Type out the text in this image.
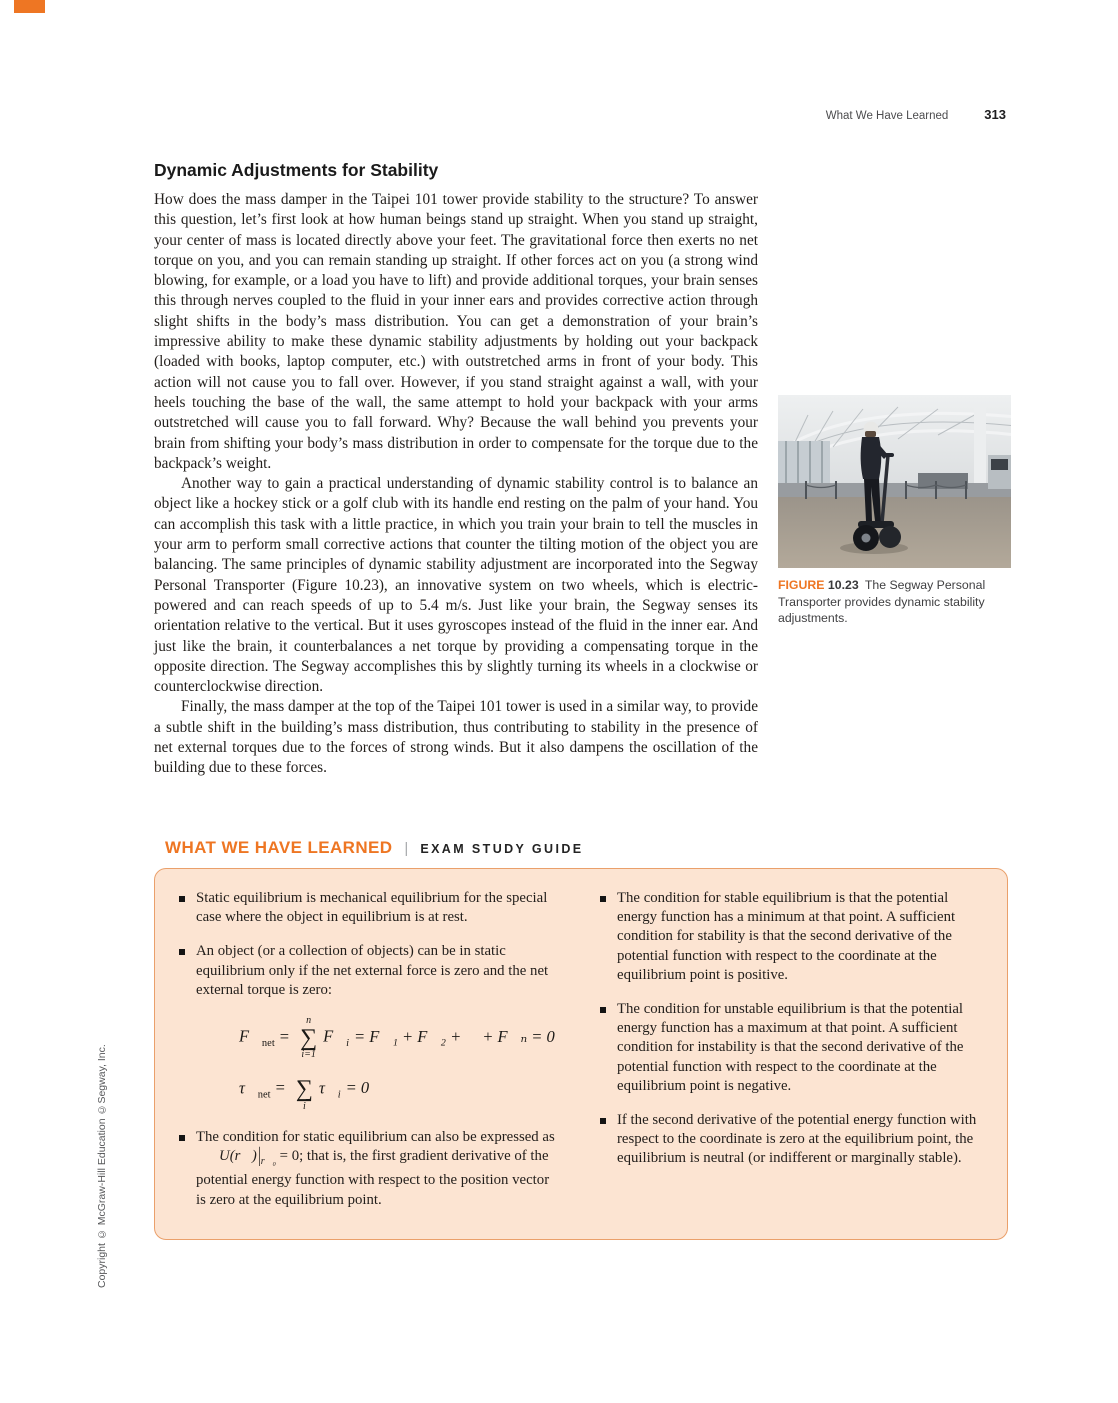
What We Have Learned	313
Copyright © McGraw-Hill Education ©Segway, Inc.
Dynamic Adjustments for Stability

How does the mass damper in the Taipei 101 tower provide stability to the structure? To answer this question, let’s first look at how human beings stand up straight. When you stand up straight, your center of mass is located directly above your feet. The gravitational force then exerts no net torque on you, and you can remain standing up straight. If other forces act on you (a strong wind blowing, for example, or a load you have to lift) and provide additional torques, your brain senses this through nerves coupled to the fluid in your inner ears and provides corrective action through slight shifts in the body’s mass distribution. You can get a demonstration of your brain’s impressive ability to make these dynamic stability adjustments by holding out your backpack (loaded with books, laptop computer, etc.) with outstretched arms in front of your body. This action will not cause you to fall over. However, if you stand straight against a wall, with your heels touching the base of the wall, the same attempt to hold your backpack with your arms outstretched will cause you to fall forward. Why? Because the wall behind you prevents your brain from shifting your body’s mass distribution in order to compensate for the torque due to the backpack’s weight.

Another way to gain a practical understanding of dynamic stability control is to balance an object like a hockey stick or a golf club with its handle end resting on the palm of your hand. You can accomplish this task with a little practice, in which you train your brain to tell the muscles in your arm to perform small corrective actions that counter the tilting motion of the object you are balancing. The same principles of dynamic stability adjustment are incorporated into the Segway Personal Transporter (Figure 10.23), an innovative system on two wheels, which is electric-powered and can reach speeds of up to 5.4 m/s. Just like your brain, the Segway senses its orientation relative to the vertical. But it uses gyroscopes instead of the fluid in the inner ear. And just like the brain, it counterbalances a net torque by providing a compensating torque in the opposite direction. The Segway accomplishes this by slightly turning its wheels in a clockwise or counterclockwise direction.

Finally, the mass damper at the top of the Taipei 101 tower is used in a similar way, to provide a subtle shift in the building’s mass distribution, thus contributing to stability in the presence of net external torques due to the forces of strong winds. But it also dampens the oscillation of the building due to these forces.

FIGURE 10.23 The Segway Personal Transporter provides dynamic stability adjustments.
WHAT WE HAVE LEARNED | EXAM STUDY GUIDE

Static equilibrium is mechanical equilibrium for the special case where the object in equilibrium is at rest.

An object (or a collection of objects) can be in static equilibrium only if the net external force is zero and the net external torque is zero:

$F⃗_{net}$ =
n
∑
i=1
$F⃗_i$ = F⃗₁ + F⃗₂ + ⋯ + F⃗ₙ = 0
$\tau⃗_{net}$ = ∑
i
$\tau⃗_i = 0$

The condition for static equilibrium can also be expressed as $\nabla⃗U(r⃗)|_{r⃗_0} = 0$; that is, the first gradient derivative of the potential energy function with respect to the position vector is zero at the equilibrium point.

The condition for stable equilibrium is that the potential energy function has a minimum at that point. A sufficient condition for stability is that the second derivative of the potential function with respect to the coordinate at the equilibrium point is positive.

The condition for unstable equilibrium is that the potential energy function has a maximum at that point. A sufficient condition for instability is that the second derivative of the potential function with respect to the coordinate at the equilibrium point is negative.

If the second derivative of the potential energy function with respect to the coordinate is zero at the equilibrium point, the equilibrium is neutral (or indifferent or marginally stable).
